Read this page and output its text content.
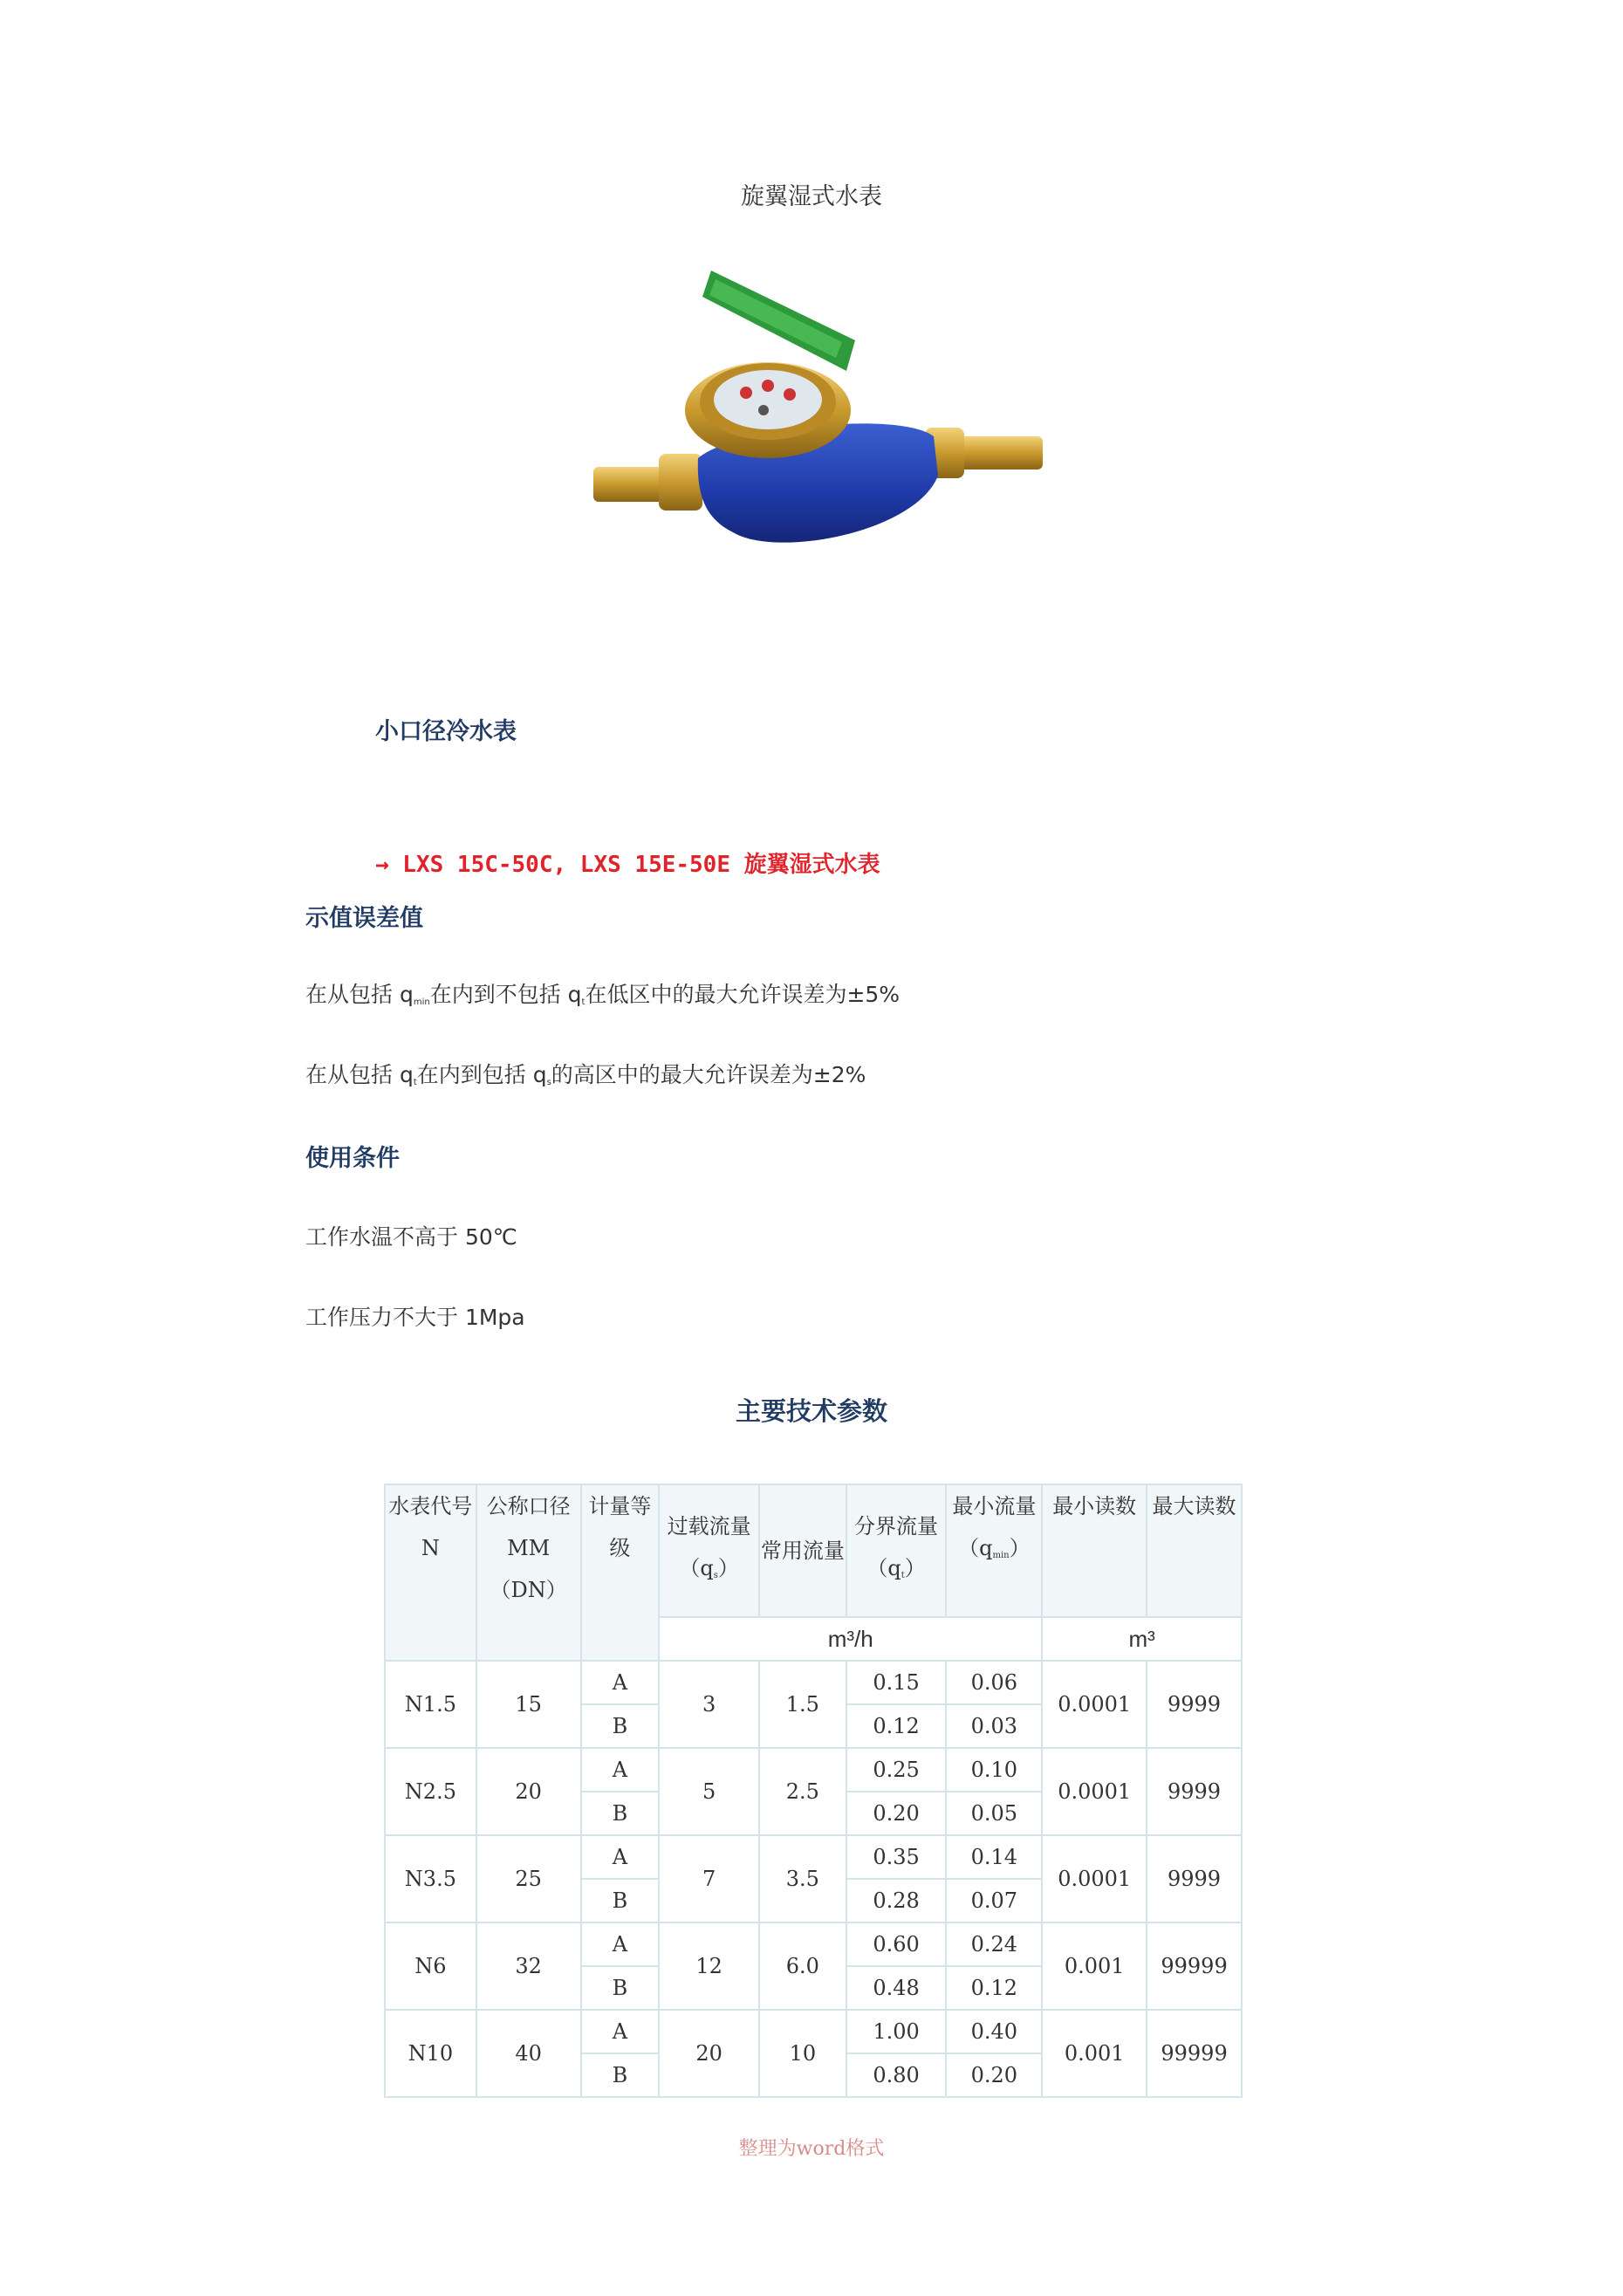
旋翼湿式水表
小口径冷水表
→ LXS 15C-50C, LXS 15E-50E 旋翼湿式水表
示值误差值
在从包括 $q_{min}$在内到不包括 $q_t$在低区中的最大允许误差为±5%
在从包括 $q_t$在内到包括 $q_s$的高区中的最大允许误差为±2%
使用条件
工作水温不高于 50℃
工作压力不大于 1Mpa
主要技术参数
水表代号 N	公称口径 MM（DN）	计量等级	过载流量$(q_s)$	常用流量	分界流量$(q_t)$	最小流量$(q_{min})$	最小读数	最大读数
			m³/h				m³	
N1.5	15	A	3	1.5	0.15	0.06	0.0001	9999
		B			0.12	0.03		
N2.5	20	A	5	2.5	0.25	0.10	0.0001	9999
		B			0.20	0.05		
N3.5	25	A	7	3.5	0.35	0.14	0.0001	9999
		B			0.28	0.07		
N6	32	A	12	6.0	0.60	0.24	0.001	99999
		B			0.48	0.12		
N10	40	A	20	10	1.00	0.40	0.001	99999
		B			0.80	0.20		
整理为word格式
